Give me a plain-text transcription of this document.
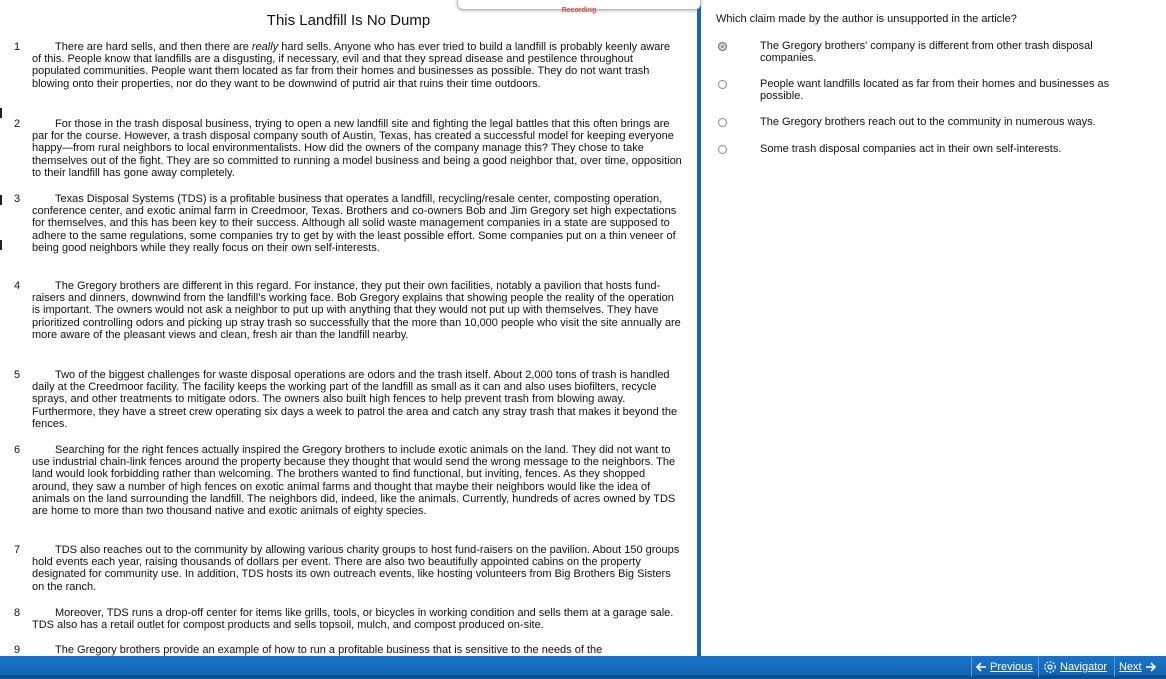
$_{Recording}$
This Landfill Is No Dump
1	There are hard sells, and then there are really hard sells. Anyone who has ever tried to build a landfill is probably keenly aware of this. People know that landfills are a disgusting, if necessary, evil and that they spread disease and pestilence throughout populated communities. People want them located as far from their homes and businesses as possible. They do not want trash blowing onto their properties, nor do they want to be downwind of putrid air that ruins their time outdoors.
2	For those in the trash disposal business, trying to open a new landfill site and fighting the legal battles that this often brings are par for the course. However, a trash disposal company south of Austin, Texas, has created a successful model for keeping everyone happy—from rural neighbors to local environmentalists. How did the owners of the company manage this? They chose to take themselves out of the fight. They are so committed to running a model business and being a good neighbor that, over time, opposition to their landfill has gone away completely.
3	Texas Disposal Systems (TDS) is a profitable business that operates a landfill, recycling/resale center, composting operation, conference center, and exotic animal farm in Creedmoor, Texas. Brothers and co-owners Bob and Jim Gregory set high expectations for themselves, and this has been key to their success. Although all solid waste management companies in a state are supposed to adhere to the same regulations, some companies try to get by with the least possible effort. Some companies put on a thin veneer of being good neighbors while they really focus on their own self-interests.
4	The Gregory brothers are different in this regard. For instance, they put their own facilities, notably a pavilion that hosts fund-raisers and dinners, downwind from the landfill’s working face. Bob Gregory explains that showing people the reality of the operation is important. The owners would not ask a neighbor to put up with anything that they would not put up with themselves. They have prioritized controlling odors and picking up stray trash so successfully that the more than 10,000 people who visit the site annually are more aware of the pleasant views and clean, fresh air than the landfill nearby.
5	Two of the biggest challenges for waste disposal operations are odors and the trash itself. About 2,000 tons of trash is handled daily at the Creedmoor facility. The facility keeps the working part of the landfill as small as it can and also uses biofilters, recycle sprays, and other treatments to mitigate odors. The owners also built high fences to help prevent trash from blowing away. Furthermore, they have a street crew operating six days a week to patrol the area and catch any stray trash that makes it beyond the fences.
6	Searching for the right fences actually inspired the Gregory brothers to include exotic animals on the land. They did not want to use industrial chain-link fences around the property because they thought that would send the wrong message to the neighbors. The land would look forbidding rather than welcoming. The brothers wanted to find functional, but inviting, fences. As they shopped around, they saw a number of high fences on exotic animal farms and thought that maybe their neighbors would like the idea of animals on the land surrounding the landfill. The neighbors did, indeed, like the animals. Currently, hundreds of acres owned by TDS are home to more than two thousand native and exotic animals of eighty species.
7	TDS also reaches out to the community by allowing various charity groups to host fund-raisers on the pavilion. About 150 groups hold events each year, raising thousands of dollars per event. There are also two beautifully appointed cabins on the property designated for community use. In addition, TDS hosts its own outreach events, like hosting volunteers from Big Brothers Big Sisters on the ranch.
8	Moreover, TDS runs a drop-off center for items like grills, tools, or bicycles in working condition and sells them at a garage sale. TDS also has a retail outlet for compost products and sells topsoil, mulch, and compost produced on-site.
9	The Gregory brothers provide an example of how to run a profitable business that is sensitive to the needs of the
Which claim made by the author is unsupported in the article?
The Gregory brothers' company is different from other trash disposal companies.
People want landfills located as far from their homes and businesses as possible.
The Gregory brothers reach out to the community in numerous ways.
Some trash disposal companies act in their own self-interests.
Previous Navigator Next
